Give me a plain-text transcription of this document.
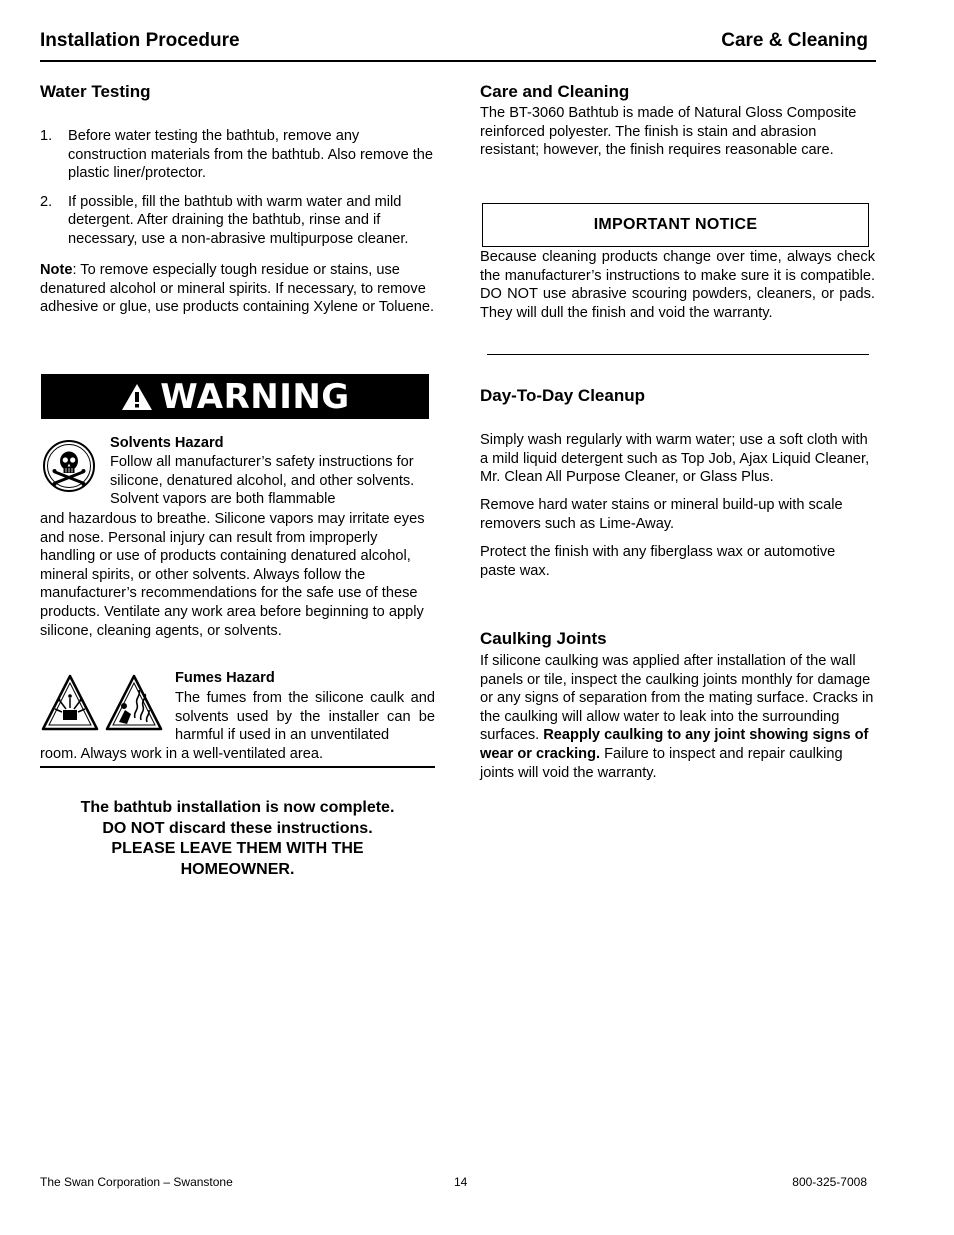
Installation Procedure	Care & Cleaning
Water Testing
1. Before water testing the bathtub, remove any construction materials from the bathtub. Also remove the plastic liner/protector.
2. If possible, fill the bathtub with warm water and mild detergent. After draining the bathtub, rinse and if necessary, use a non-abrasive multipurpose cleaner.

Note: To remove especially tough residue or stains, use denatured alcohol or mineral spirits. If necessary, to remove adhesive or glue, use products containing Xylene or Toluene.

WARNING
Solvents Hazard

Follow all manufacturer’s safety instructions for silicone, denatured alcohol, and other solvents. Solvent vapors are both flammable

and hazardous to breathe. Silicone vapors may irritate eyes and nose. Personal injury can result from improperly handling or use of products containing denatured alcohol, mineral spirits, or other solvents. Always follow the manufacturer’s recommendations for the safe use of these products. Ventilate any work area before beginning to apply silicone, cleaning agents, or solvents.

Fumes Hazard

The fumes from the silicone caulk and solvents used by the installer can be harmful if used in an unventilated

room. Always work in a well-ventilated area.

The bathtub installation is now complete.
DO NOT discard these instructions.
PLEASE LEAVE THEM WITH THE
HOMEOWNER.
Care and Cleaning

The BT-3060 Bathtub is made of Natural Gloss Composite reinforced polyester. The finish is stain and abrasion resistant; however, the finish requires reasonable care.

IMPORTANT NOTICE

Because cleaning products change over time, always check the manufacturer’s instructions to make sure it is compatible. DO NOT use abrasive scouring powders, cleaners, or pads. They will dull the finish and void the warranty.

Day-To-Day Cleanup

Simply wash regularly with warm water; use a soft cloth with a mild liquid detergent such as Top Job, Ajax Liquid Cleaner, Mr. Clean All Purpose Cleaner, or Glass Plus.

Remove hard water stains or mineral build-up with scale removers such as Lime-Away.

Protect the finish with any fiberglass wax or automotive paste wax.

Caulking Joints

If silicone caulking was applied after installation of the wall panels or tile, inspect the caulking joints monthly for damage or any signs of separation from the mating surface. Cracks in the caulking will allow water to leak into the surrounding surfaces. Reapply caulking to any joint showing signs of wear or cracking. Failure to inspect and repair caulking joints will void the warranty.

The Swan Corporation – Swanstone	14	800-325-7008
